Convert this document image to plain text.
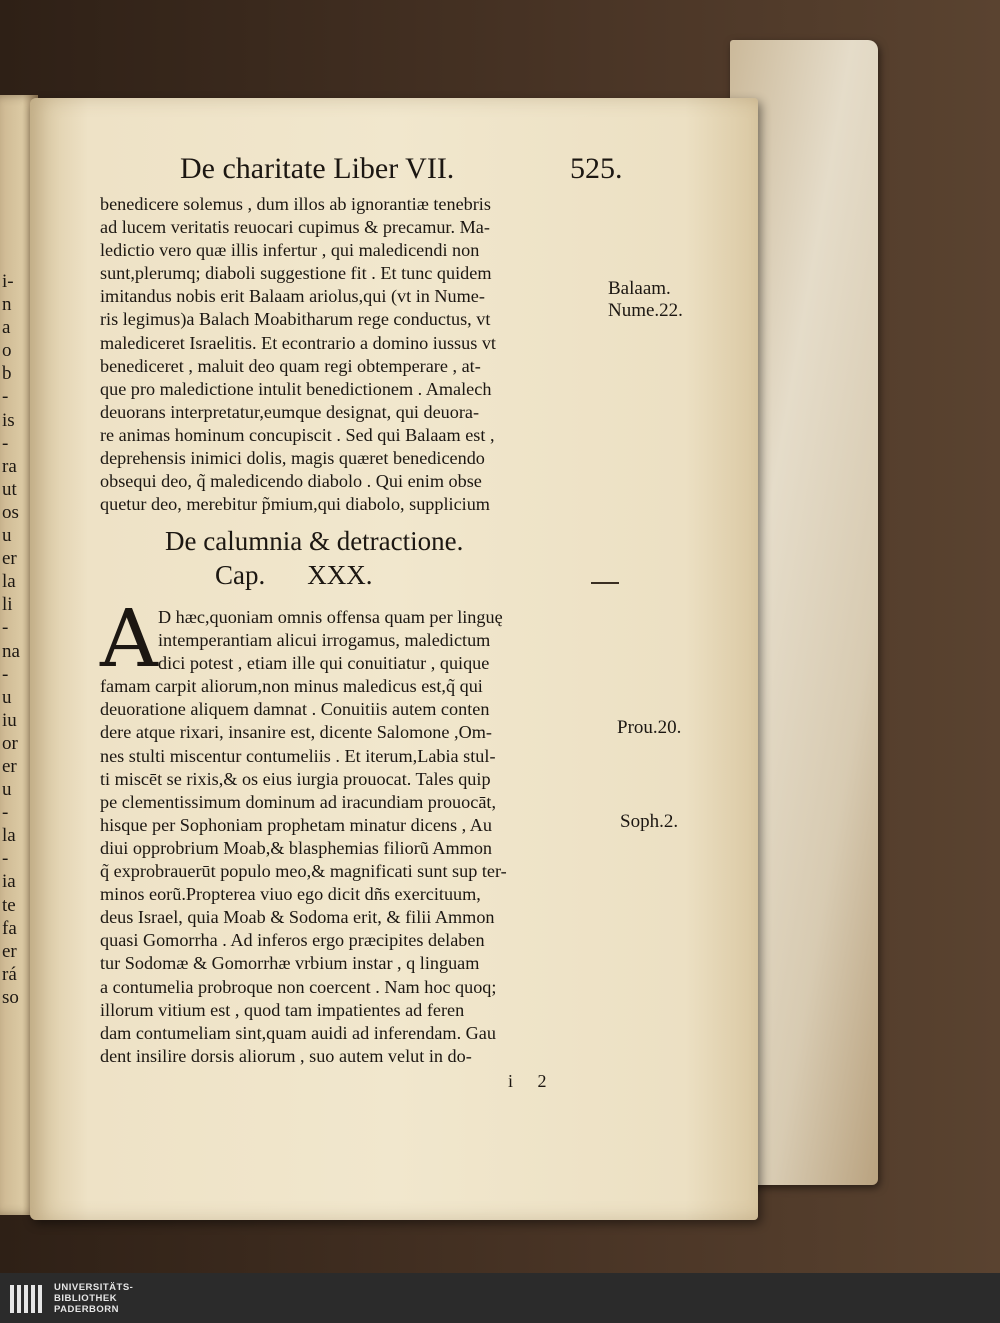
i-
n
a
o
b
-
is
-
ra
ut
os
u
er
la
li
-
na
-
u
iu
or
er
u
-
la
-
ia
te
fa
er
rá
so
De charitate Liber VII.	525.
benedicere solemus , dum illos ab ignorantiæ tenebris
ad lucem veritatis reuocari cupimus & precamur. Ma-
ledictio vero quæ illis infertur , qui maledicendi non
sunt,plerumq; diaboli suggestione fit . Et tunc quidem
imitandus nobis erit Balaam ariolus,qui (vt in Nume-
ris legimus)a Balach Moabitharum rege conductus, vt
malediceret Israelitis. Et econtrario a domino iussus vt
benediceret , maluit deo quam regi obtemperare , at-
que pro maledictione intulit benedictionem . Amalech
deuorans interpretatur,eumque designat, qui deuora-
re animas hominum concupiscit . Sed qui Balaam est ,
deprehensis inimici dolis, magis quæret benedicendo
obsequi deo, q̃ maledicendo diabolo . Qui enim obse
quetur deo, merebitur p̃mium,qui diabolo, supplicium
De calumnia & detractione.
Cap. XXX.
A D hæc,quoniam omnis offensa quam per linguę
intemperantiam alicui irrogamus, maledictum
dici potest , etiam ille qui conuitiatur , quique
famam carpit aliorum,non minus maledicus est,q̃ qui
deuoratione aliquem damnat . Conuitiis autem conten
dere atque rixari, insanire est, dicente Salomone ,Om-
nes stulti miscentur contumeliis . Et iterum,Labia stul-
ti miscēt se rixis,& os eius iurgia prouocat. Tales quip
pe clementissimum dominum ad iracundiam prouocāt,
hisque per Sophoniam prophetam minatur dicens , Au
diui opprobrium Moab,& blasphemias filiorũ Ammon
q̃ exprobrauerūt populo meo,& magnificati sunt sup ter-
minos eorũ.Propterea viuo ego dicit dñs exercituum,
deus Israel, quia Moab & Sodoma erit, & filii Ammon
quasi Gomorrha . Ad inferos ergo præcipites delaben
tur Sodomæ & Gomorrhæ vrbium instar , q linguam
a contumelia probroque non coercent . Nam hoc quoq;
illorum vitium est , quod tam impatientes ad feren
dam contumeliam sint,quam auidi ad inferendam. Gau
dent insilire dorsis aliorum , suo autem velut in do-
i 2
Balaam.
Nume.22.
Prou.20.
Soph.2.
UNIVERSITÄTS-
BIBLIOTHEK
PADERBORN
